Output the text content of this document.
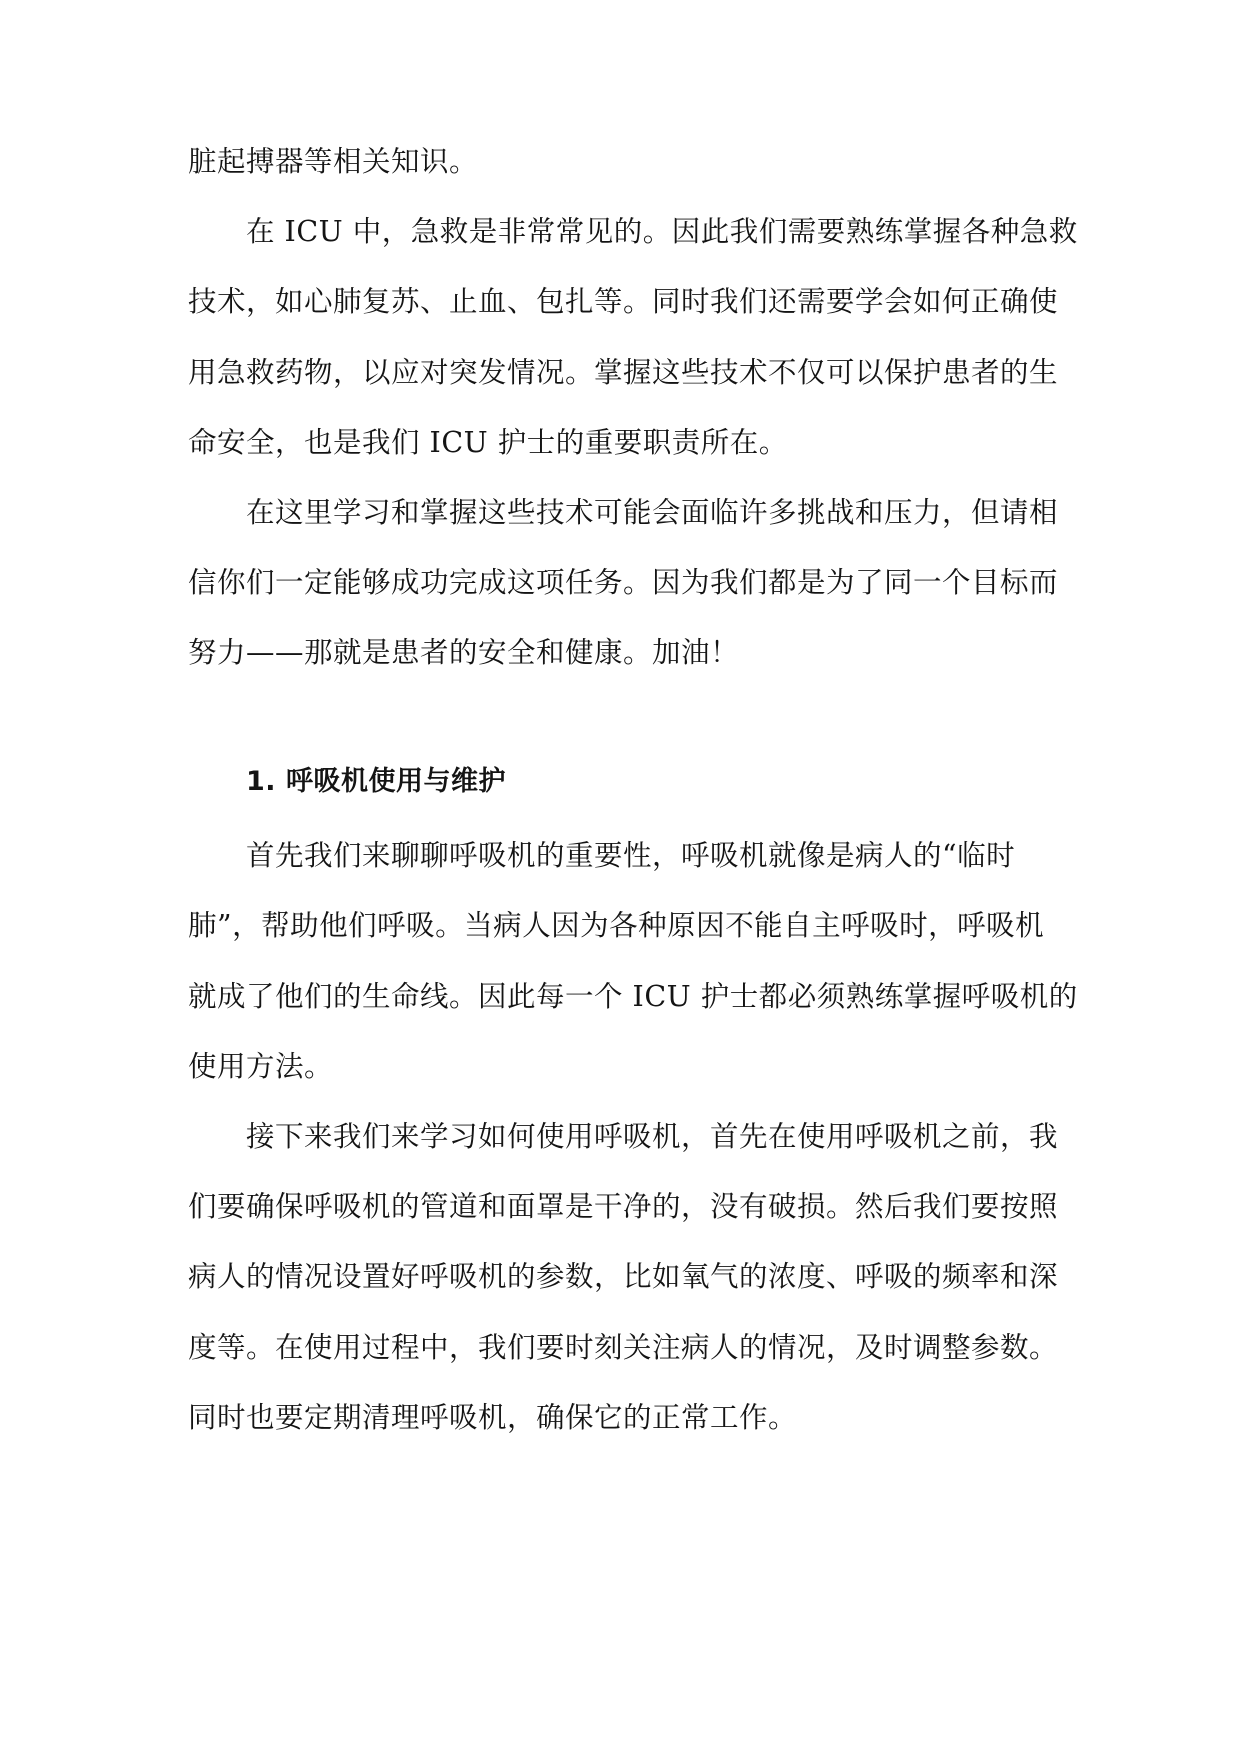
脏起搏器等相关知识。
在 ICU 中，急救是非常常见的。因此我们需要熟练掌握各种急救
技术，如心肺复苏、止血、包扎等。同时我们还需要学会如何正确使
用急救药物，以应对突发情况。掌握这些技术不仅可以保护患者的生
命安全，也是我们 ICU 护士的重要职责所在。
在这里学习和掌握这些技术可能会面临许多挑战和压力，但请相
信你们一定能够成功完成这项任务。因为我们都是为了同一个目标而
努力——那就是患者的安全和健康。加油！
1. 呼吸机使用与维护
首先我们来聊聊呼吸机的重要性，呼吸机就像是病人的“临时
肺”，帮助他们呼吸。当病人因为各种原因不能自主呼吸时，呼吸机
就成了他们的生命线。因此每一个 ICU 护士都必须熟练掌握呼吸机的
使用方法。
接下来我们来学习如何使用呼吸机，首先在使用呼吸机之前，我
们要确保呼吸机的管道和面罩是干净的，没有破损。然后我们要按照
病人的情况设置好呼吸机的参数，比如氧气的浓度、呼吸的频率和深
度等。在使用过程中，我们要时刻关注病人的情况，及时调整参数。
同时也要定期清理呼吸机，确保它的正常工作。
